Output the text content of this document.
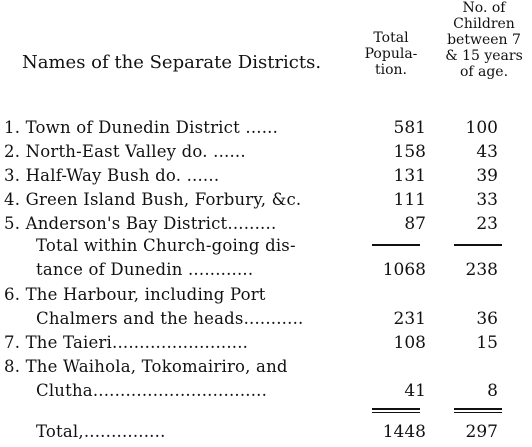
Names of the Separate Districts.
Total Popula- tion.
No. of Children between 7 & 15 years of age.
1. Town of Dunedin District ......	581	100
2. North-East Valley do. ......	158	43
3. Half-Way Bush do. ......	131	39
4. Green Island Bush, Forbury, &c.	111	33
5. Anderson's Bay District.........	87	23
Total within Church-going dis-
tance of Dunedin ............	1068	238
6. The Harbour, including Port
Chalmers and the heads...........	231	36
7. The Taieri.........................	108	15
8. The Waihola, Tokomairiro, and
Clutha................................	41	8
Total,...............	1448	297
